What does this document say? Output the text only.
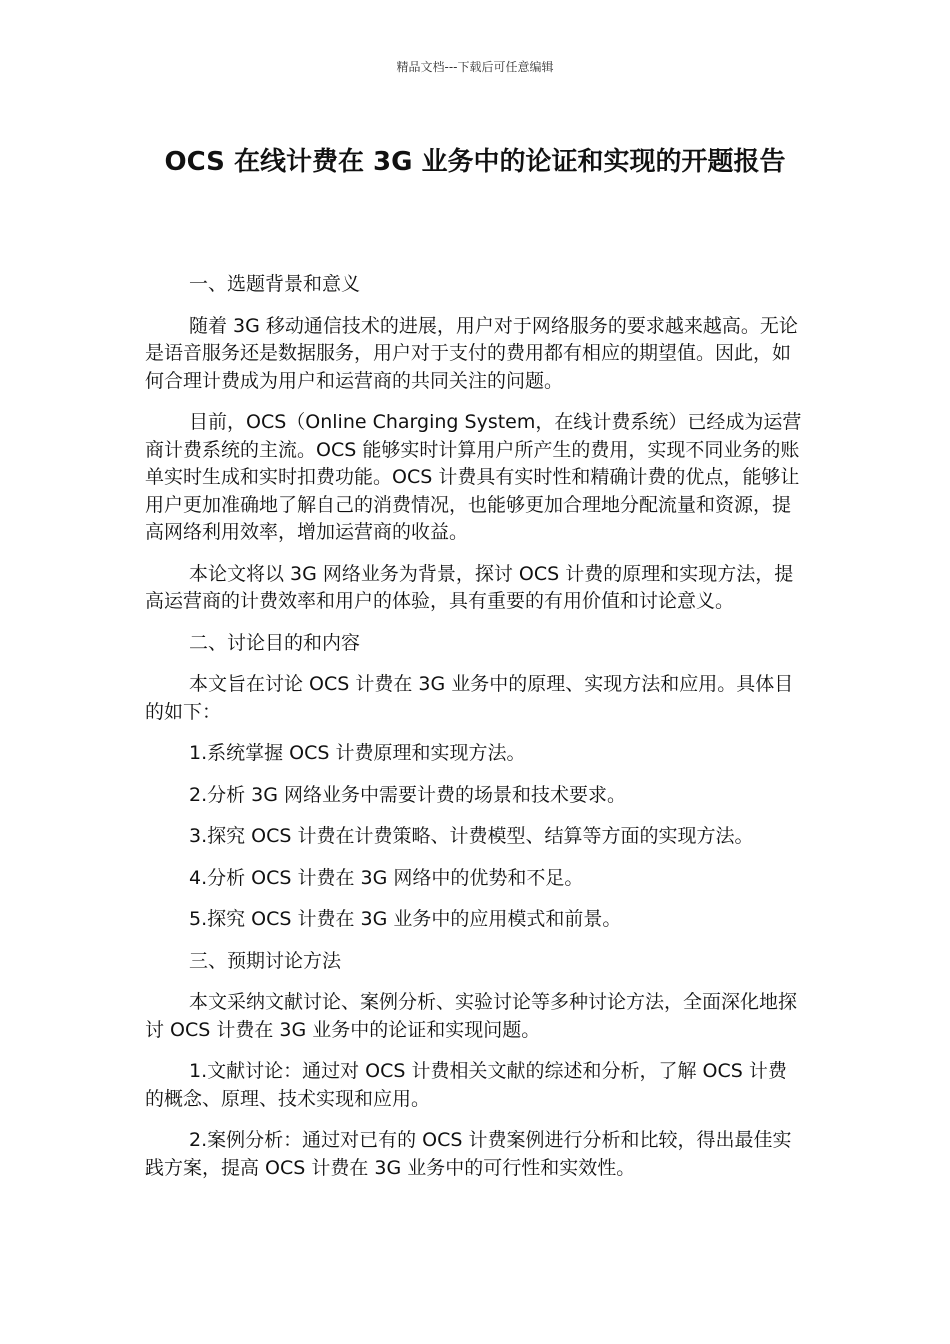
精品文档---下载后可任意编辑
OCS 在线计费在 3G 业务中的论证和实现的开题报告

一、选题背景和意义

随着 3G 移动通信技术的进展，用户对于网络服务的要求越来越高。无论是语音服务还是数据服务，用户对于支付的费用都有相应的期望值。因此，如何合理计费成为用户和运营商的共同关注的问题。

目前，OCS（Online Charging System，在线计费系统）已经成为运营商计费系统的主流。OCS 能够实时计算用户所产生的费用，实现不同业务的账单实时生成和实时扣费功能。OCS 计费具有实时性和精确计费的优点，能够让用户更加准确地了解自己的消费情况，也能够更加合理地分配流量和资源，提高网络利用效率，增加运营商的收益。

本论文将以 3G 网络业务为背景，探讨 OCS 计费的原理和实现方法，提高运营商的计费效率和用户的体验，具有重要的有用价值和讨论意义。

二、讨论目的和内容

本文旨在讨论 OCS 计费在 3G 业务中的原理、实现方法和应用。具体目的如下：

1.系统掌握 OCS 计费原理和实现方法。

2.分析 3G 网络业务中需要计费的场景和技术要求。

3.探究 OCS 计费在计费策略、计费模型、结算等方面的实现方法。

4.分析 OCS 计费在 3G 网络中的优势和不足。

5.探究 OCS 计费在 3G 业务中的应用模式和前景。

三、预期讨论方法

本文采纳文献讨论、案例分析、实验讨论等多种讨论方法，全面深化地探讨 OCS 计费在 3G 业务中的论证和实现问题。

1.文献讨论：通过对 OCS 计费相关文献的综述和分析，了解 OCS 计费的概念、原理、技术实现和应用。

2.案例分析：通过对已有的 OCS 计费案例进行分析和比较，得出最佳实践方案，提高 OCS 计费在 3G 业务中的可行性和实效性。
